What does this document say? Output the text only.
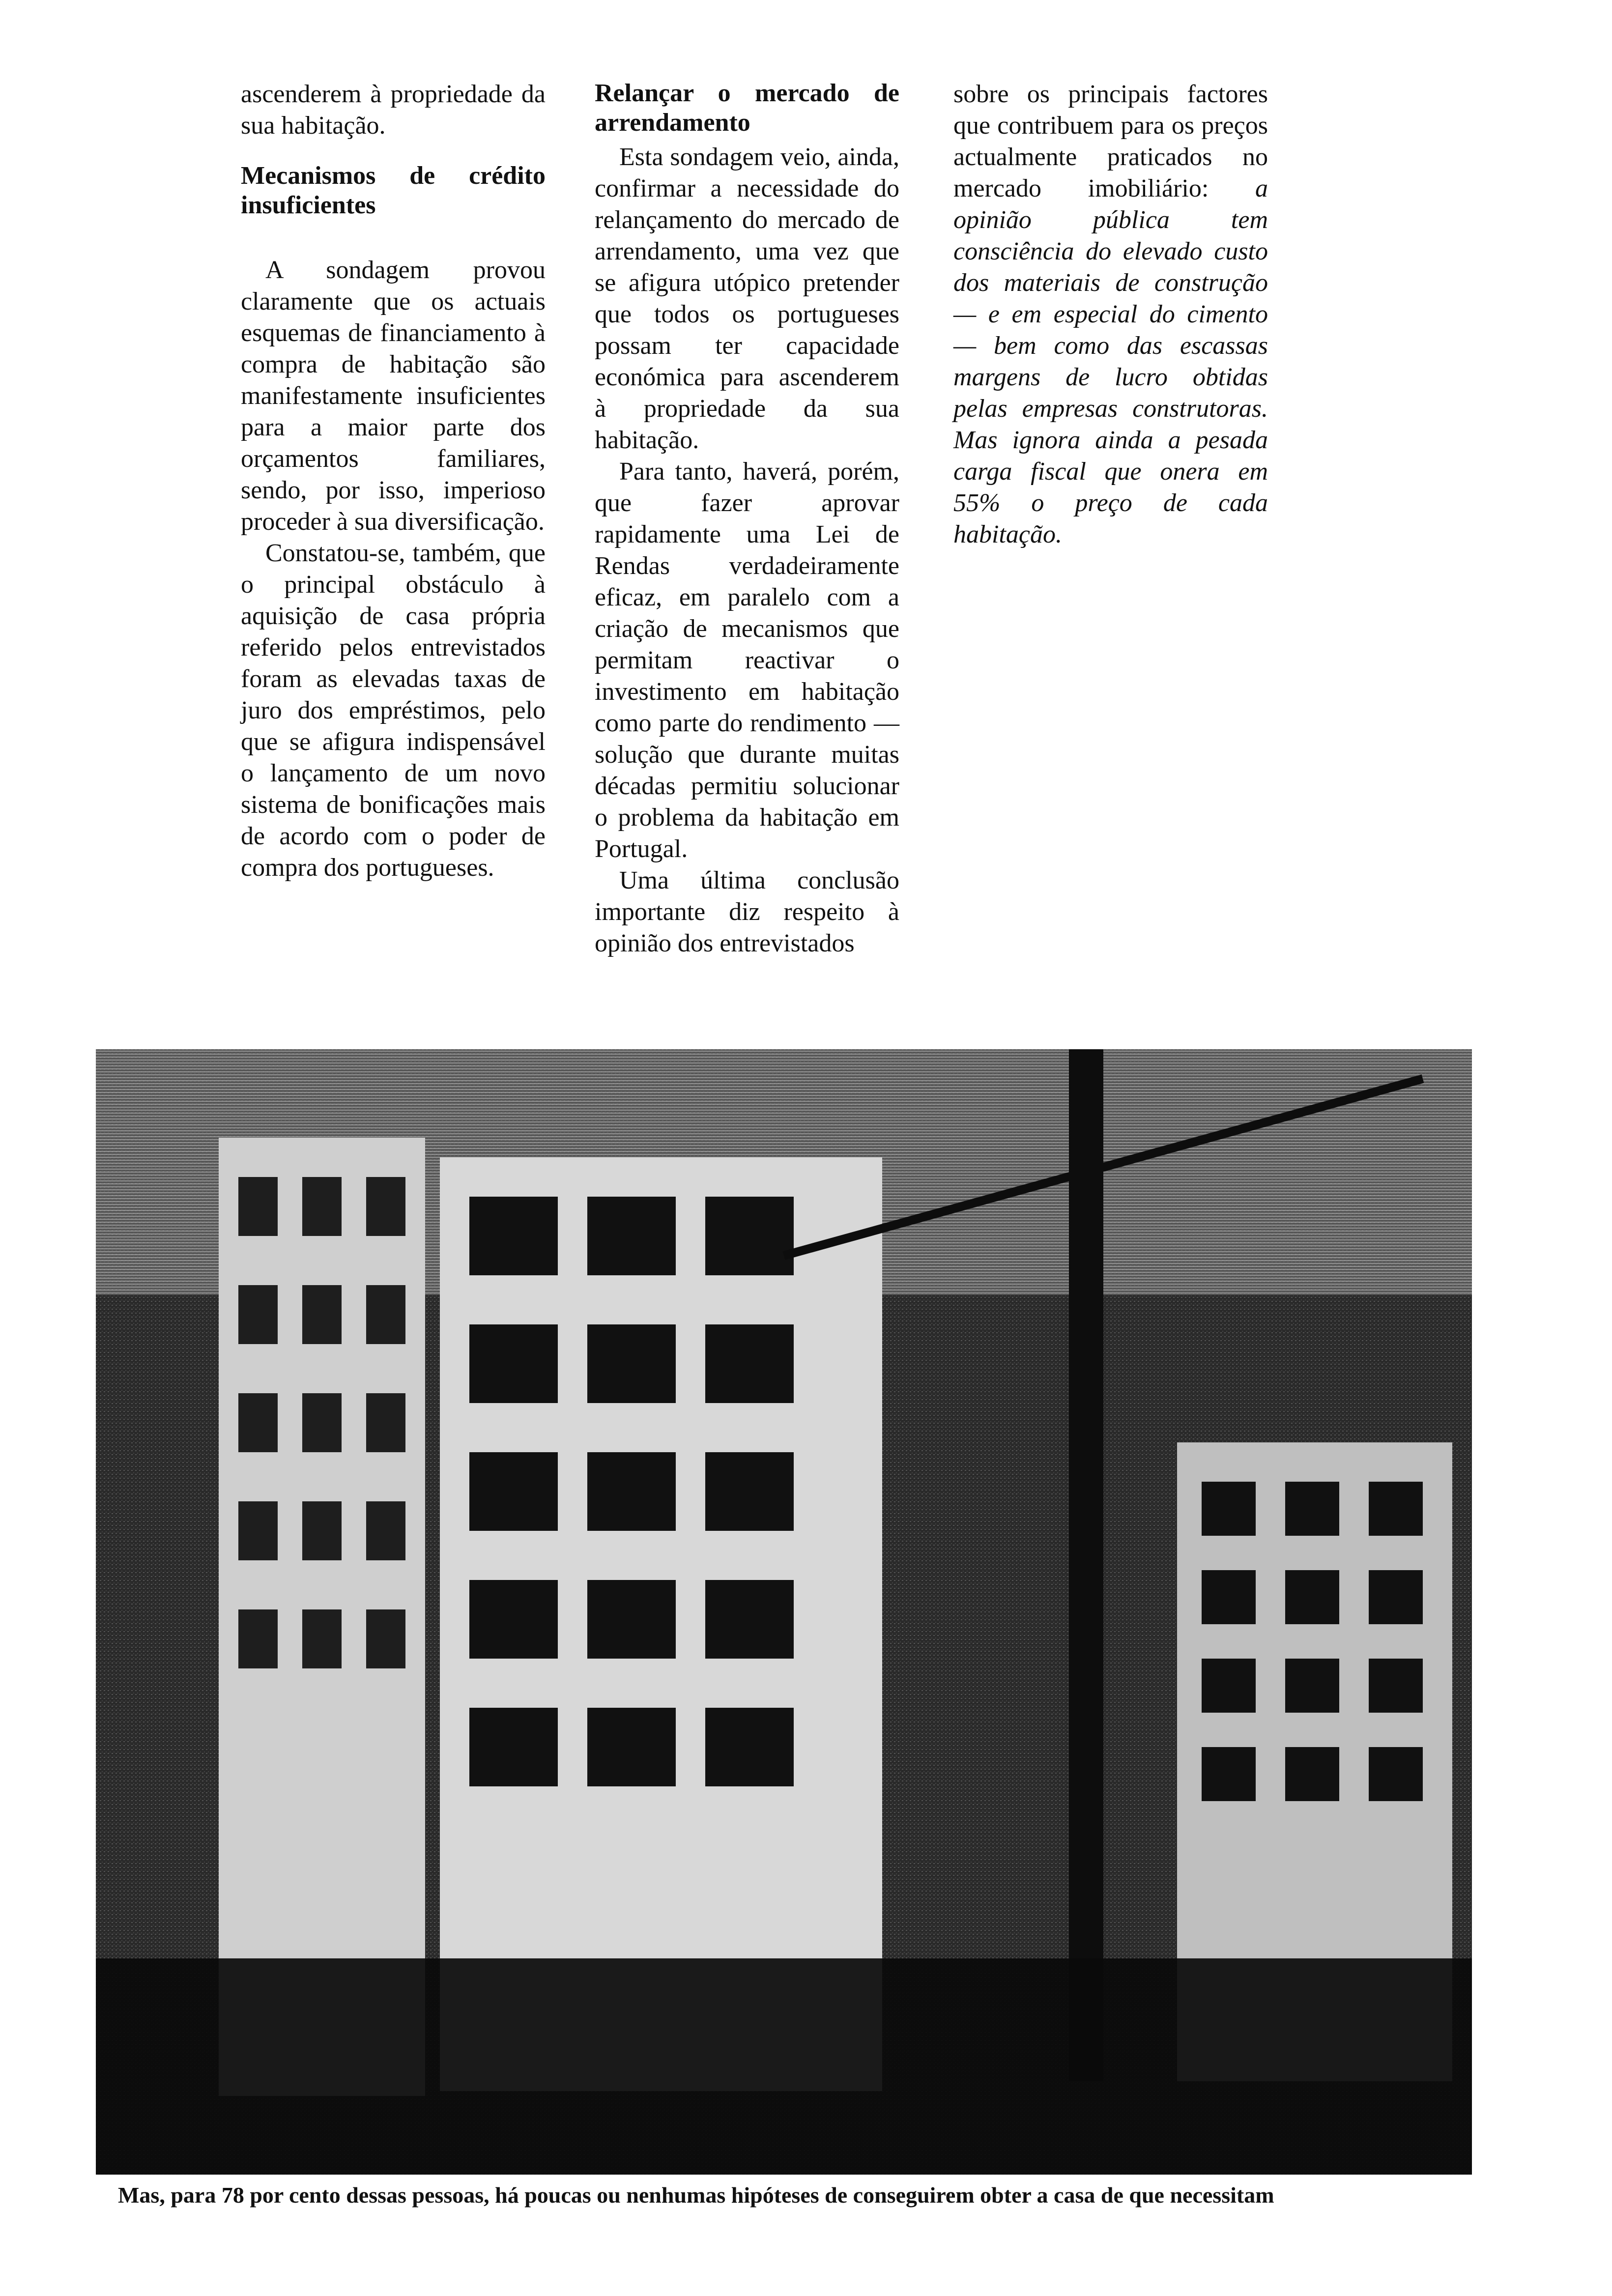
ascenderem à propriedade da sua habitação.

Mecanismos de crédito insuficientes

A sondagem provou claramente que os actuais esquemas de financiamento à compra de habitação são manifestamente insuficientes para a maior parte dos orçamentos familiares, sendo, por isso, imperioso proceder à sua diversificação.

Constatou-se, também, que o principal obstáculo à aquisição de casa própria referido pelos entrevistados foram as elevadas taxas de juro dos empréstimos, pelo que se afigura indispensável o lançamento de um novo sistema de bonificações mais de acordo com o poder de compra dos portugueses.

Relançar o mercado de arrendamento

Esta sondagem veio, ainda, confirmar a necessidade do relançamento do mercado de arrendamento, uma vez que se afigura utópico pretender que todos os portugueses possam ter capacidade económica para ascenderem à propriedade da sua habitação.

Para tanto, haverá, porém, que fazer aprovar rapidamente uma Lei de Rendas verdadeiramente eficaz, em paralelo com a criação de mecanismos que permitam reactivar o investimento em habitação como parte do rendimento — solução que durante muitas décadas permitiu solucionar o problema da habitação em Portugal.

Uma última conclusão importante diz respeito à opinião dos entrevistados

sobre os principais factores que contribuem para os preços actualmente praticados no mercado imobiliário: a opinião pública tem consciência do elevado custo dos materiais de construção — e em especial do cimento — bem como das escassas margens de lucro obtidas pelas empresas construtoras. Mas ignora ainda a pesada carga fiscal que onera em 55% o preço de cada habitação.

Mas, para 78 por cento dessas pessoas, há poucas ou nenhumas hipóteses de conseguirem obter a casa de que necessitam
